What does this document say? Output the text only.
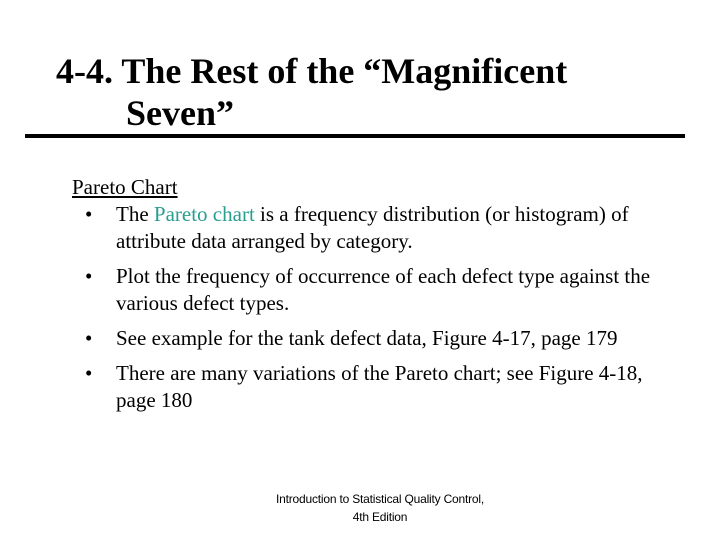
4-4. The Rest of the “Magnificent
Seven”
Pareto Chart
• The Pareto chart is a frequency distribution (or histogram) of attribute data arranged by category.
• Plot the frequency of occurrence of each defect type against the various defect types.
• See example for the tank defect data, Figure 4-17, page 179
• There are many variations of the Pareto chart; see Figure 4-18, page 180
Introduction to Statistical Quality Control,
4th Edition
